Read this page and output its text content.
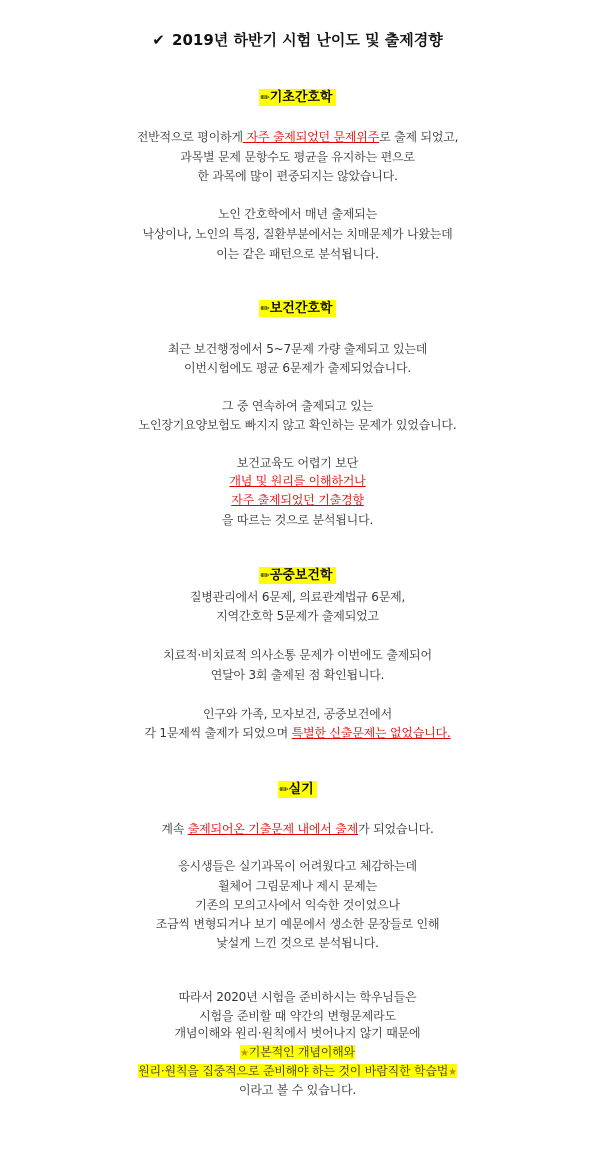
✔ 2019년 하반기 시험 난이도 및 출제경향
✏기초간호학
전반적으로 평이하게 자주 출제되었던 문제위주로 출제 되었고,
과목별 문제 문항수도 평균을 유지하는 편으로
한 과목에 많이 편중되지는 않았습니다.
노인 간호학에서 매년 출제되는
낙상이나, 노인의 특징, 질환부분에서는 치매문제가 나왔는데
이는 같은 패턴으로 분석됩니다.
✏보건간호학
최근 보건행정에서 5~7문제 가량 출제되고 있는데
이번시험에도 평균 6문제가 출제되었습니다.
그 중 연속하여 출제되고 있는
노인장기요양보험도 빠지지 않고 확인하는 문제가 있었습니다.
보건교육도 어렵기 보단
개념 및 원리를 이해하거나
자주 출제되었던 기출경향
을 따르는 것으로 분석됩니다.
✏공중보건학
질병관리에서 6문제, 의료관계법규 6문제,
지역간호학 5문제가 출제되었고
치료적·비치료적 의사소통 문제가 이번에도 출제되어
연달아 3회 출제된 점 확인됩니다.
인구와 가족, 모자보건, 공중보건에서
각 1문제씩 출제가 되었으며 특별한 신출문제는 없었습니다.
✏실기
계속 출제되어온 기출문제 내에서 출제가 되었습니다.
응시생들은 실기과목이 어려웠다고 체감하는데
휠체어 그림문제나 제시 문제는
기존의 모의고사에서 익숙한 것이었으나
조금씩 변형되거나 보기 예문에서 생소한 문장들로 인해
낯설게 느낀 것으로 분석됩니다.
따라서 2020년 시험을 준비하시는 학우님들은
시험을 준비할 때 약간의 변형문제라도
개념이해와 원리·원칙에서 벗어나지 않기 때문에
★기본적인 개념이해와
원리·원칙을 집중적으로 준비해야 하는 것이 바람직한 학습법★
이라고 볼 수 있습니다.
